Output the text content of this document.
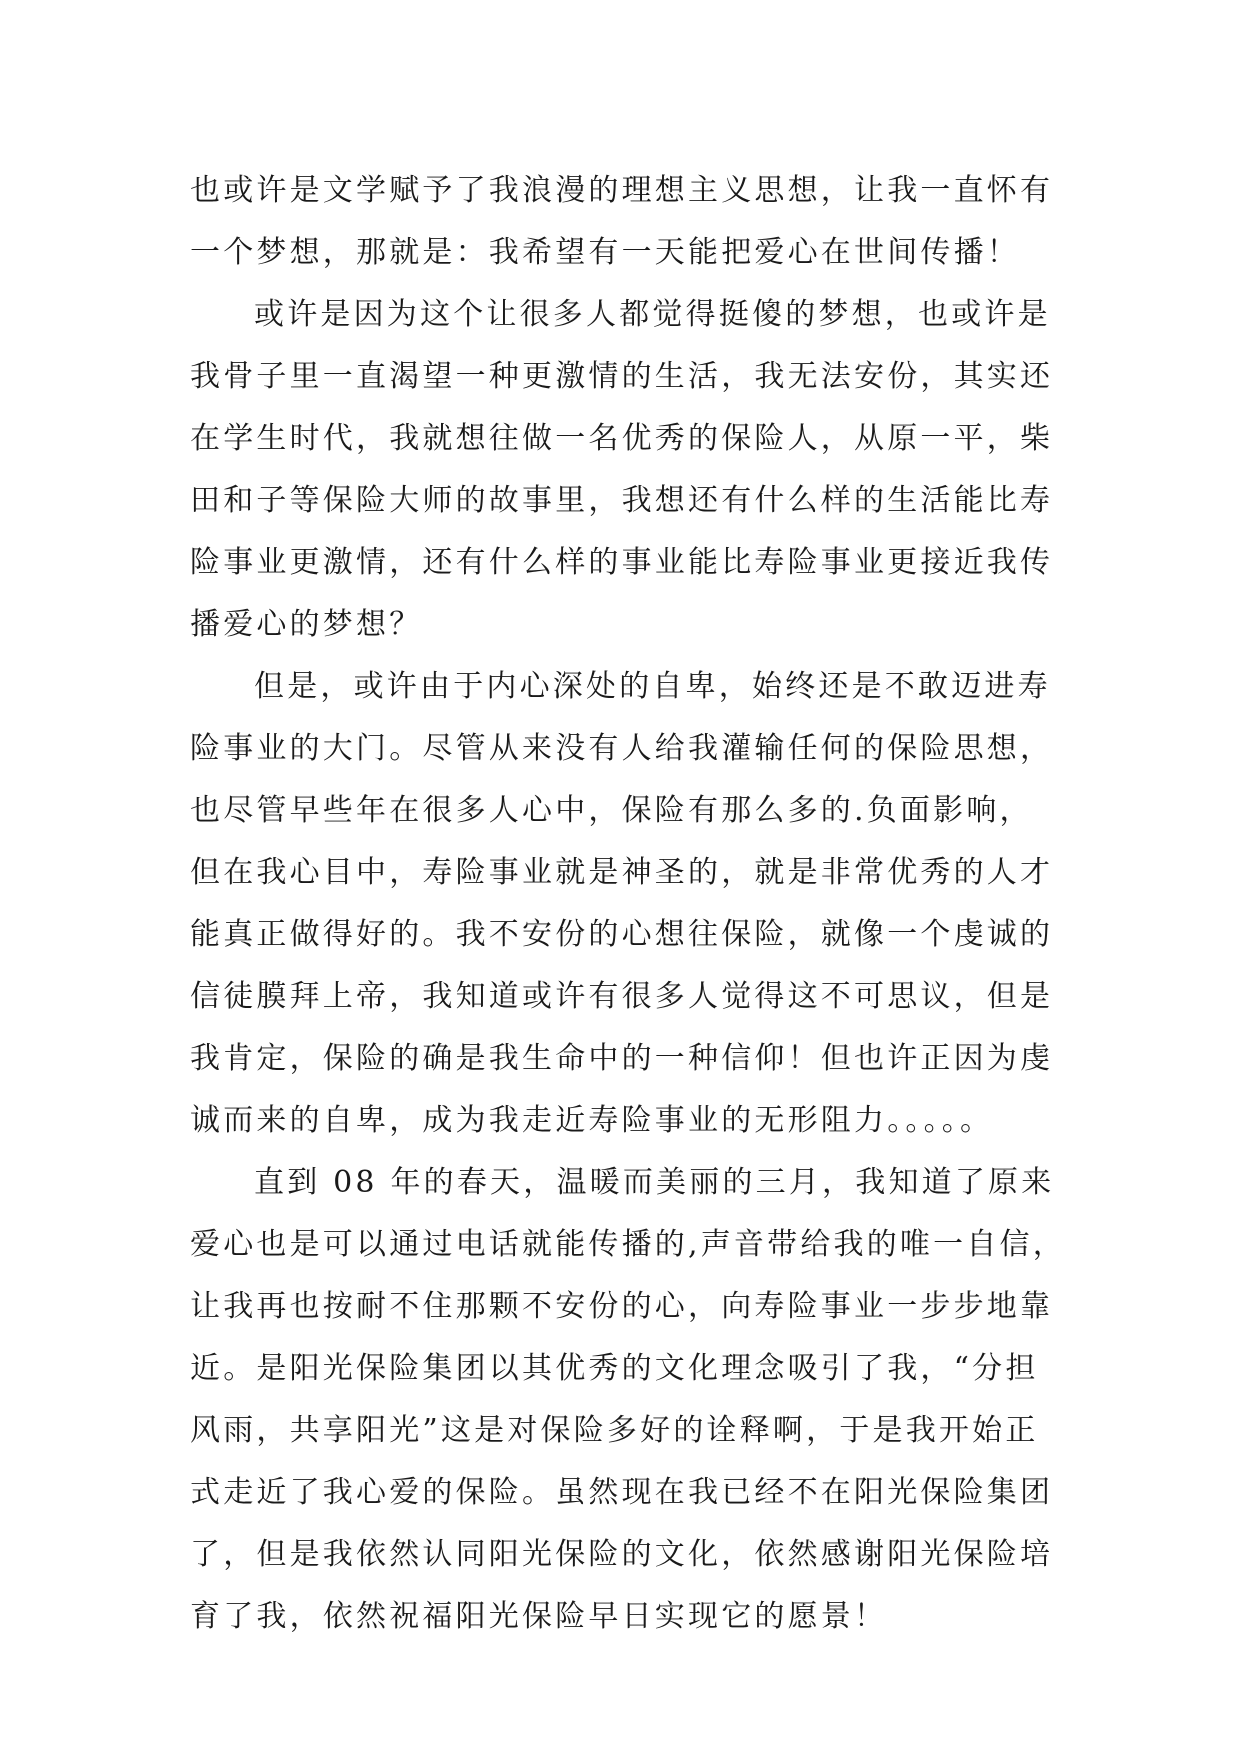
也或许是文学赋予了我浪漫的理想主义思想，让我一直怀有
一个梦想，那就是：我希望有一天能把爱心在世间传播！
或许是因为这个让很多人都觉得挺傻的梦想，也或许是
我骨子里一直渴望一种更激情的生活，我无法安份，其实还
在学生时代，我就想往做一名优秀的保险人，从原一平，柴
田和子等保险大师的故事里，我想还有什么样的生活能比寿
险事业更激情，还有什么样的事业能比寿险事业更接近我传
播爱心的梦想？
但是，或许由于内心深处的自卑，始终还是不敢迈进寿
险事业的大门。尽管从来没有人给我灌输任何的保险思想，
也尽管早些年在很多人心中，保险有那么多的.负面影响，
但在我心目中，寿险事业就是神圣的，就是非常优秀的人才
能真正做得好的。我不安份的心想往保险，就像一个虔诚的
信徒膜拜上帝，我知道或许有很多人觉得这不可思议，但是
我肯定，保险的确是我生命中的一种信仰！但也许正因为虔
诚而来的自卑，成为我走近寿险事业的无形阻力。。。。。
直到 08 年的春天，温暖而美丽的三月，我知道了原来
爱心也是可以通过电话就能传播的,声音带给我的唯一自信，
让我再也按耐不住那颗不安份的心，向寿险事业一步步地靠
近。是阳光保险集团以其优秀的文化理念吸引了我，“分担
风雨，共享阳光”这是对保险多好的诠释啊，于是我开始正
式走近了我心爱的保险。虽然现在我已经不在阳光保险集团
了，但是我依然认同阳光保险的文化，依然感谢阳光保险培
育了我，依然祝福阳光保险早日实现它的愿景！
